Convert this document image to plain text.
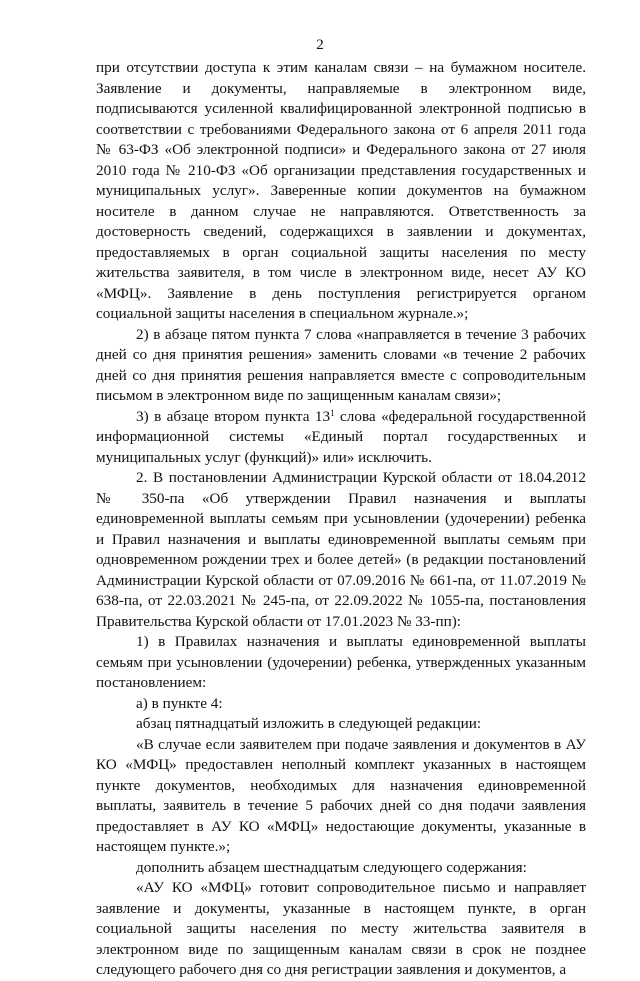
2

при отсутствии доступа к этим каналам связи – на бумажном носителе. Заявление и документы, направляемые в электронном виде, подписываются усиленной квалифицированной электронной подписью в соответствии с требованиями Федерального закона от 6 апреля 2011 года № 63-ФЗ «Об электронной подписи» и Федерального закона от 27 июля 2010 года № 210-ФЗ «Об организации представления государственных и муниципальных услуг». Заверенные копии документов на бумажном носителе в данном случае не направляются. Ответственность за достоверность сведений, содержащихся в заявлении и документах, предоставляемых в орган социальной защиты населения по месту жительства заявителя, в том числе в электронном виде, несет АУ КО «МФЦ». Заявление в день поступления регистрируется органом социальной защиты населения в специальном журнале.»;

2) в абзаце пятом пункта 7 слова «направляется в течение 3 рабочих дней со дня принятия решения» заменить словами «в течение 2 рабочих дней со дня принятия решения направляется вместе с сопроводительным письмом в электронном виде по защищенным каналам связи»;

3) в абзаце втором пункта $13^1$ слова «федеральной государственной информационной системы «Единый портал государственных и муниципальных услуг (функций)» или» исключить.

2. В постановлении Администрации Курской области от 18.04.2012 № 350-па «Об утверждении Правил назначения и выплаты единовременной выплаты семьям при усыновлении (удочерении) ребенка и Правил назначения и выплаты единовременной выплаты семьям при одновременном рождении трех и более детей» (в редакции постановлений Администрации Курской области от 07.09.2016 № 661-па, от 11.07.2019 № 638-па, от 22.03.2021 № 245-па, от 22.09.2022 № 1055-па, постановления Правительства Курской области от 17.01.2023 № 33-пп):

1) в Правилах назначения и выплаты единовременной выплаты семьям при усыновлении (удочерении) ребенка, утвержденных указанным постановлением:

а) в пункте 4:

абзац пятнадцатый изложить в следующей редакции:

«В случае если заявителем при подаче заявления и документов в АУ КО «МФЦ» предоставлен неполный комплект указанных в настоящем пункте документов, необходимых для назначения единовременной выплаты, заявитель в течение 5 рабочих дней со дня подачи заявления предоставляет в АУ КО «МФЦ» недостающие документы, указанные в настоящем пункте.»;

дополнить абзацем шестнадцатым следующего содержания:

«АУ КО «МФЦ» готовит сопроводительное письмо и направляет заявление и документы, указанные в настоящем пункте, в орган социальной защиты населения по месту жительства заявителя в электронном виде по защищенным каналам связи в срок не позднее следующего рабочего дня со дня регистрации заявления и документов, а
